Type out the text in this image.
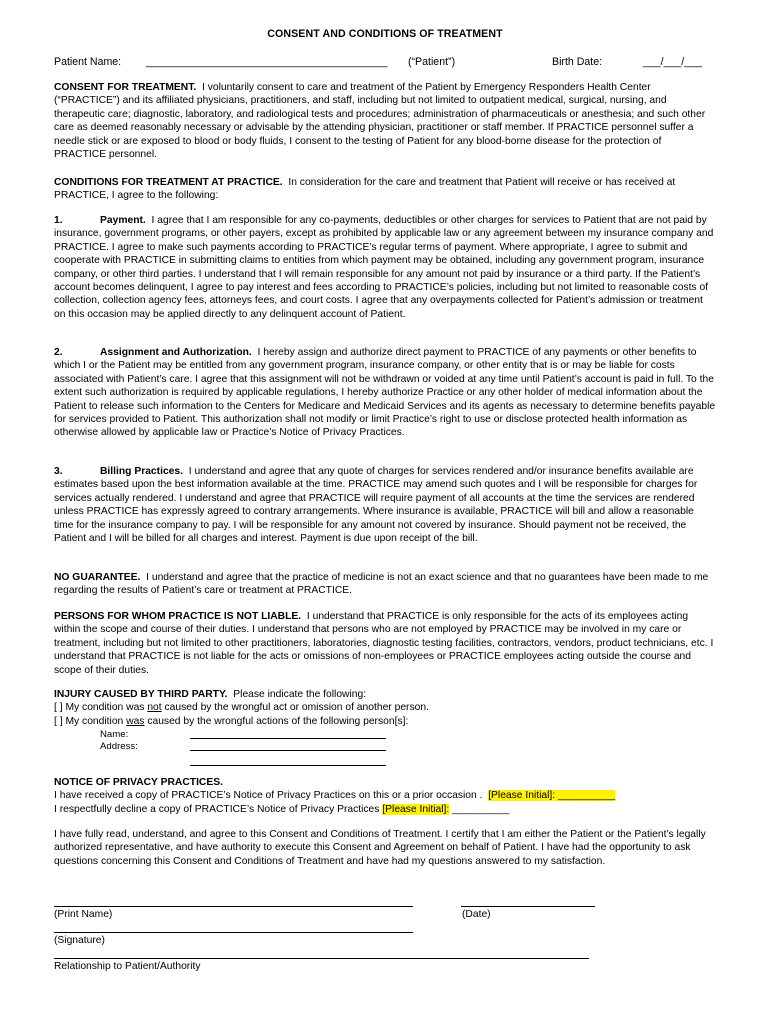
CONSENT AND CONDITIONS OF TREATMENT
Patient Name: _________________________________________ (“Patient”)	Birth Date:	___/___/___
CONSENT FOR TREATMENT. I voluntarily consent to care and treatment of the Patient by Emergency Responders Health Center (“PRACTICE”) and its affiliated physicians, practitioners, and staff, including but not limited to outpatient medical, surgical, nursing, and therapeutic care; diagnostic, laboratory, and radiological tests and procedures; administration of pharmaceuticals or anesthesia; and such other care as deemed reasonably necessary or advisable by the attending physician, practitioner or staff member. If PRACTICE personnel suffer a needle stick or are exposed to blood or body fluids, I consent to the testing of Patient for any blood-borne disease for the protection of PRACTICE personnel.
CONDITIONS FOR TREATMENT AT PRACTICE. In consideration for the care and treatment that Patient will receive or has received at PRACTICE, I agree to the following:
1.	Payment. I agree that I am responsible for any co-payments, deductibles or other charges for services to Patient that are not paid by insurance, government programs, or other payers, except as prohibited by applicable law or any agreement between my insurance company and PRACTICE. I agree to make such payments according to PRACTICE’s regular terms of payment. Where appropriate, I agree to submit and cooperate with PRACTICE in submitting claims to entities from which payment may be obtained, including any government program, insurance company, or other third parties. I understand that I will remain responsible for any amount not paid by insurance or a third party. If the Patient’s account becomes delinquent, I agree to pay interest and fees according to PRACTICE’s policies, including but not limited to reasonable costs of collection, collection agency fees, attorneys fees, and court costs. I agree that any overpayments collected for Patient’s admission or treatment on this occasion may be applied directly to any delinquent account of Patient.
2.	Assignment and Authorization. I hereby assign and authorize direct payment to PRACTICE of any payments or other benefits to which I or the Patient may be entitled from any government program, insurance company, or other entity that is or may be liable for costs associated with Patient’s care. I agree that this assignment will not be withdrawn or voided at any time until Patient’s account is paid in full. To the extent such authorization is required by applicable regulations, I hereby authorize Practice or any other holder of medical information about the Patient to release such information to the Centers for Medicare and Medicaid Services and its agents as necessary to determine benefits payable for services provided to Patient. This authorization shall not modify or limit Practice’s right to use or disclose protected health information as otherwise allowed by applicable law or Practice’s Notice of Privacy Practices.
3.	Billing Practices. I understand and agree that any quote of charges for services rendered and/or insurance benefits available are estimates based upon the best information available at the time. PRACTICE may amend such quotes and I will be responsible for charges for services actually rendered. I understand and agree that PRACTICE will require payment of all accounts at the time the services are rendered unless PRACTICE has expressly agreed to contrary arrangements. Where insurance is available, PRACTICE will bill and allow a reasonable time for the insurance company to pay. I will be responsible for any amount not covered by insurance. Should payment not be received, the Patient and I will be billed for all charges and interest. Payment is due upon receipt of the bill.
NO GUARANTEE. I understand and agree that the practice of medicine is not an exact science and that no guarantees have been made to me regarding the results of Patient’s care or treatment at PRACTICE.
PERSONS FOR WHOM PRACTICE IS NOT LIABLE. I understand that PRACTICE is only responsible for the acts of its employees acting within the scope and course of their duties. I understand that persons who are not employed by PRACTICE may be involved in my care or treatment, including but not limited to other practitioners, laboratories, diagnostic testing facilities, contractors, vendors, product technicians, etc. I understand that PRACTICE is not liable for the acts or omissions of non-employees or PRACTICE employees acting outside the course and scope of their duties.
INJURY CAUSED BY THIRD PARTY. Please indicate the following:
[ ] My condition was not caused by the wrongful act or omission of another person.
[ ] My condition was caused by the wrongful actions of the following person[s]:
Name:
Address:
NOTICE OF PRIVACY PRACTICES.
I have received a copy of PRACTICE’s Notice of Privacy Practices on this or a prior occasion . [Please Initial]: __________
I respectfully decline a copy of PRACTICE’s Notice of Privacy Practices [Please Initial]: __________
I have fully read, understand, and agree to this Consent and Conditions of Treatment. I certify that I am either the Patient or the Patient’s legally authorized representative, and have authority to execute this Consent and Agreement on behalf of Patient. I have had the opportunity to ask questions concerning this Consent and Conditions of Treatment and have had my questions answered to my satisfaction.
(Print Name)	(Date)
(Signature)
Relationship to Patient/Authority
